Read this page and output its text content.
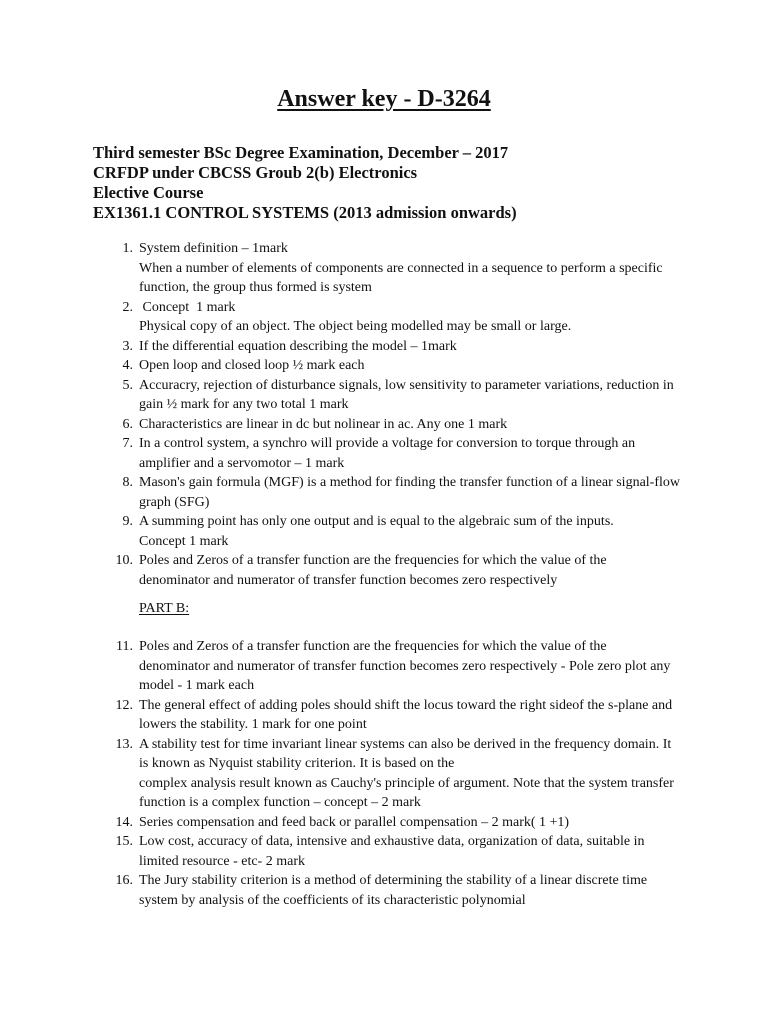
Answer key - D-3264
Third semester BSc Degree Examination, December – 2017
CRFDP under CBCSS Groub 2(b) Electronics
Elective Course
EX1361.1 CONTROL SYSTEMS (2013 admission onwards)
1. System definition – 1mark
When a number of elements of components are connected in a sequence to perform a specific function, the group thus formed is system
2. Concept  1 mark
Physical copy of an object. The object being modelled may be small or large.
3. If the differential equation describing the model – 1mark
4. Open loop and closed loop ½ mark each
5. Accuracry, rejection of disturbance signals, low sensitivity to parameter variations, reduction in gain ½ mark for any two total 1 mark
6. Characteristics are linear in dc but nolinear in ac. Any one 1 mark
7. In a control system, a synchro will provide a voltage for conversion to torque through an amplifier and a servomotor – 1 mark
8. Mason's gain formula (MGF) is a method for finding the transfer function of a linear signal-flow graph (SFG)
9. A summing point has only one output and is equal to the algebraic sum of the inputs.
Concept 1 mark
10. Poles and Zeros of a transfer function are the frequencies for which the value of the denominator and numerator of transfer function becomes zero respectively
PART B:
11. Poles and Zeros of a transfer function are the frequencies for which the value of the denominator and numerator of transfer function becomes zero respectively - Pole zero plot any model - 1 mark each
12. The general effect of adding poles should shift the locus toward the right sideof the s-plane and lowers the stability. 1 mark for one point
13. A stability test for time invariant linear systems can also be derived in the frequency domain. It is known as Nyquist stability criterion. It is based on the
complex analysis result known as Cauchy's principle of argument. Note that the system transfer function is a complex function – concept – 2 mark
14. Series compensation and feed back or parallel compensation – 2 mark( 1 +1)
15. Low cost, accuracy of data, intensive and exhaustive data, organization of data, suitable in limited resource - etc- 2 mark
16. The Jury stability criterion is a method of determining the stability of a linear discrete time system by analysis of the coefficients of its characteristic polynomial
